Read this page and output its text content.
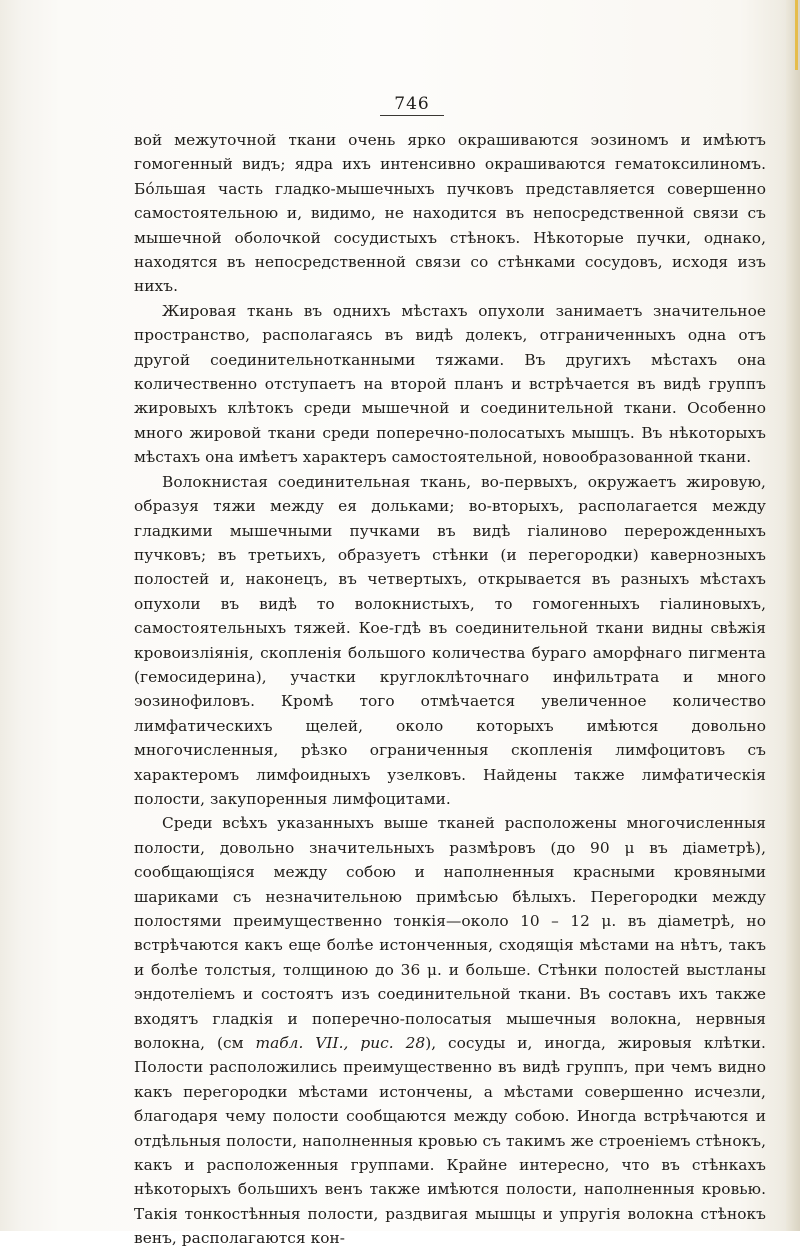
746

вой межуточной ткани очень ярко окрашиваются эозиномъ и имѣютъ гомогенный видъ; ядра ихъ интенсивно окрашиваются гематоксилиномъ. Бо́льшая часть гладко-мышечныхъ пучковъ представляется совершенно самостоятельною и, видимо, не находится въ непосредственной связи съ мышечной оболочкой сосудистыхъ стѣнокъ. Нѣкоторые пучки, однако, находятся въ непосредственной связи со стѣнками сосудовъ, исходя изъ нихъ.

Жировая ткань въ однихъ мѣстахъ опухоли занимаетъ значительное пространство, располагаясь въ видѣ долекъ, отграниченныхъ одна отъ другой соединительнотканными тяжами. Въ другихъ мѣстахъ она количественно отступаетъ на второй планъ и встрѣчается въ видѣ группъ жировыхъ клѣтокъ среди мышечной и соединительной ткани. Особенно много жировой ткани среди поперечно-полосатыхъ мышцъ. Въ нѣкоторыхъ мѣстахъ она имѣетъ характеръ самостоятельной, новообразованной ткани.

Волокнистая соединительная ткань, во-первыхъ, окружаетъ жировую, образуя тяжи между ея дольками; во-вторыхъ, располагается между гладкими мышечными пучками въ видѣ гіалиново перерожденныхъ пучковъ; въ третьихъ, образуетъ стѣнки (и перегородки) кавернозныхъ полостей и, наконецъ, въ четвертыхъ, открывается въ разныхъ мѣстахъ опухоли въ видѣ то волокнистыхъ, то гомогенныхъ гіалиновыхъ, самостоятельныхъ тяжей. Кое-гдѣ въ соединительной ткани видны свѣжія кровоизліянія, скопленія большого количества бураго аморфнаго пигмента (гемосидерина), участки круглоклѣточнаго инфильтрата и много эозинофиловъ. Кромѣ того отмѣчается увеличенное количество лимфатическихъ щелей, около которыхъ имѣются довольно многочисленныя, рѣзко ограниченныя скопленія лимфоцитовъ съ характеромъ лимфоидныхъ узелковъ. Найдены также лимфатическія полости, закупоренныя лимфоцитами.

Среди всѣхъ указанныхъ выше тканей расположены многочисленныя полости, довольно значительныхъ размѣровъ (до 90 μ въ діаметрѣ), сообщающіяся между собою и наполненныя красными кровяными шариками съ незначительною примѣсью бѣлыхъ. Перегородки между полостями преимущественно тонкія—около 10 – 12 μ. въ діаметрѣ, но встрѣчаются какъ еще болѣе истонченныя, сходящія мѣстами на нѣтъ, такъ и болѣе толстыя, толщиною до 36 μ. и больше. Стѣнки полостей выстланы эндотеліемъ и состоятъ изъ соединительной ткани. Въ составъ ихъ также входятъ гладкія и поперечно-полосатыя мышечныя волокна, нервныя волокна, (см табл. VII., рис. 28), сосуды и, иногда, жировыя клѣтки. Полости расположились преимущественно въ видѣ группъ, при чемъ видно какъ перегородки мѣстами истончены, а мѣстами совершенно исчезли, благодаря чему полости сообщаются между собою. Иногда встрѣчаются и отдѣльныя полости, наполненныя кровью съ такимъ же строеніемъ стѣнокъ, какъ и расположенныя группами. Крайне интересно, что въ стѣнкахъ нѣкоторыхъ большихъ венъ также имѣются полости, наполненныя кровью. Такія тонкостѣнныя полости, раздвигая мышцы и упругія волокна стѣнокъ венъ, располагаются кон-
